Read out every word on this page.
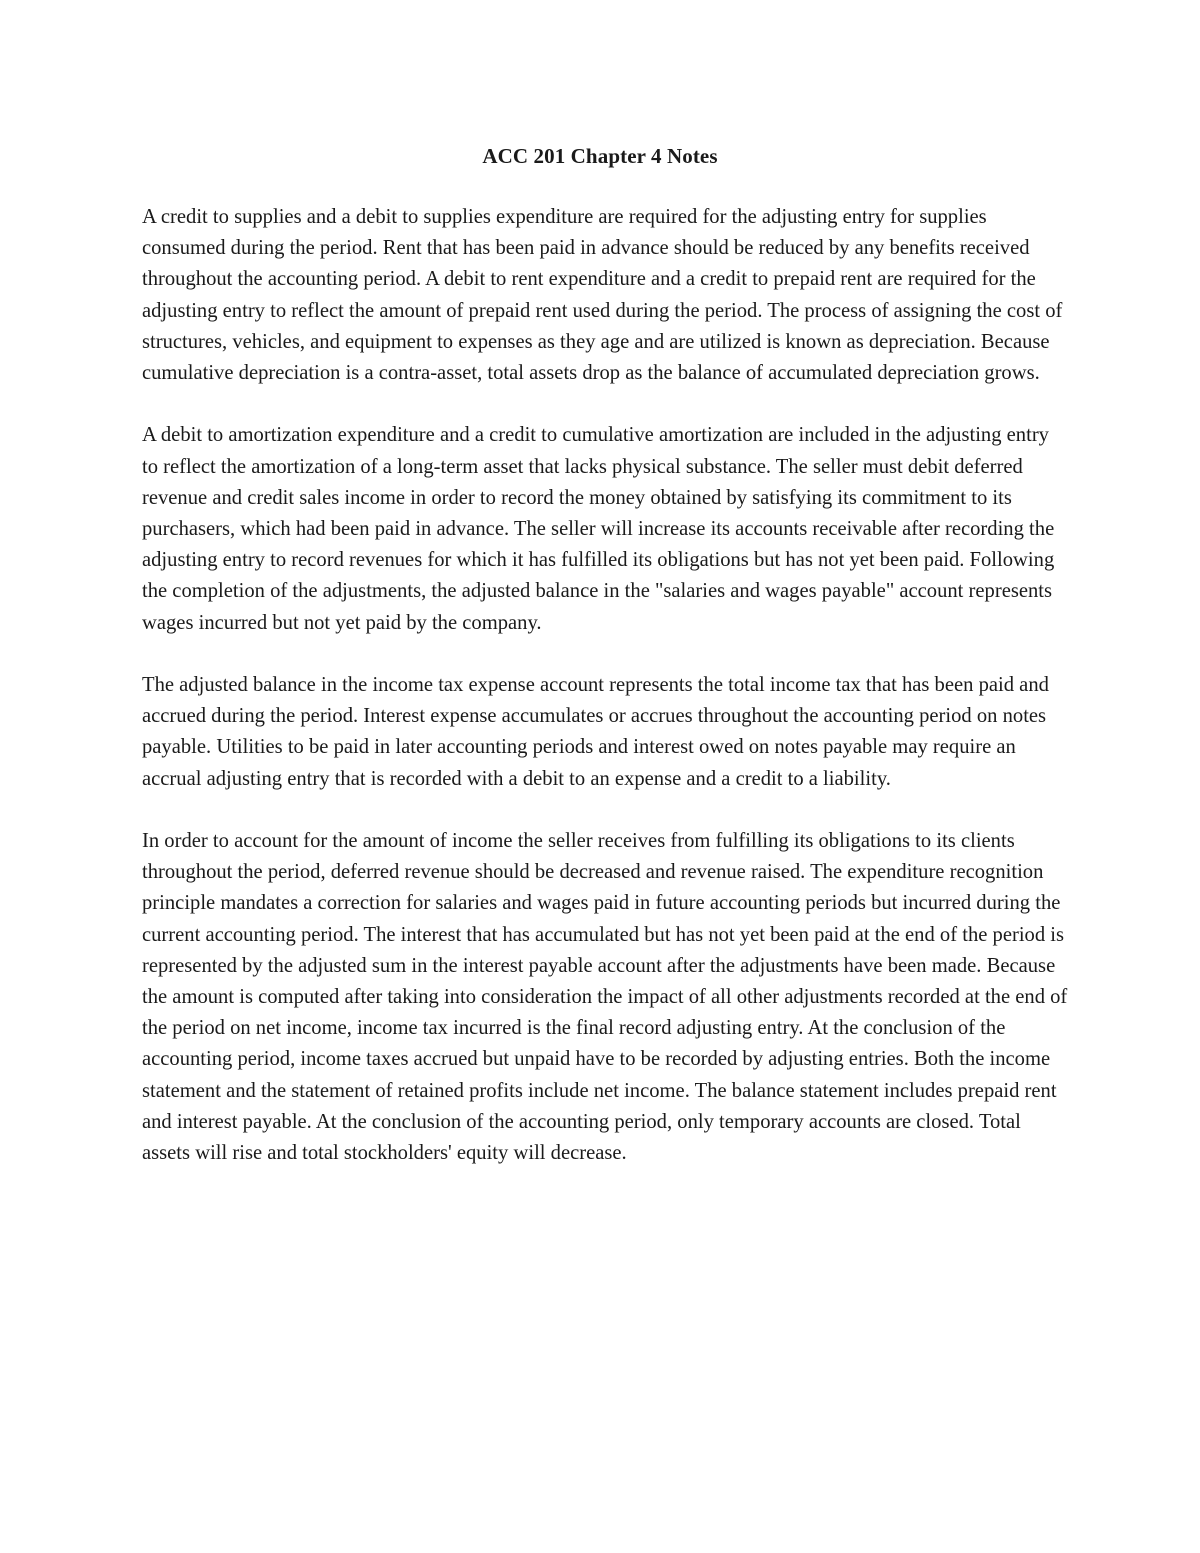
ACC 201 Chapter 4 Notes

A credit to supplies and a debit to supplies expenditure are required for the adjusting entry for supplies consumed during the period. Rent that has been paid in advance should be reduced by any benefits received throughout the accounting period. A debit to rent expenditure and a credit to prepaid rent are required for the adjusting entry to reflect the amount of prepaid rent used during the period. The process of assigning the cost of structures, vehicles, and equipment to expenses as they age and are utilized is known as depreciation. Because cumulative depreciation is a contra-asset, total assets drop as the balance of accumulated depreciation grows.

A debit to amortization expenditure and a credit to cumulative amortization are included in the adjusting entry to reflect the amortization of a long-term asset that lacks physical substance. The seller must debit deferred revenue and credit sales income in order to record the money obtained by satisfying its commitment to its purchasers, which had been paid in advance. The seller will increase its accounts receivable after recording the adjusting entry to record revenues for which it has fulfilled its obligations but has not yet been paid. Following the completion of the adjustments, the adjusted balance in the "salaries and wages payable" account represents wages incurred but not yet paid by the company.

The adjusted balance in the income tax expense account represents the total income tax that has been paid and accrued during the period. Interest expense accumulates or accrues throughout the accounting period on notes payable. Utilities to be paid in later accounting periods and interest owed on notes payable may require an accrual adjusting entry that is recorded with a debit to an expense and a credit to a liability.

In order to account for the amount of income the seller receives from fulfilling its obligations to its clients throughout the period, deferred revenue should be decreased and revenue raised. The expenditure recognition principle mandates a correction for salaries and wages paid in future accounting periods but incurred during the current accounting period. The interest that has accumulated but has not yet been paid at the end of the period is represented by the adjusted sum in the interest payable account after the adjustments have been made. Because the amount is computed after taking into consideration the impact of all other adjustments recorded at the end of the period on net income, income tax incurred is the final record adjusting entry. At the conclusion of the accounting period, income taxes accrued but unpaid have to be recorded by adjusting entries. Both the income statement and the statement of retained profits include net income. The balance statement includes prepaid rent and interest payable. At the conclusion of the accounting period, only temporary accounts are closed. Total assets will rise and total stockholders' equity will decrease.
